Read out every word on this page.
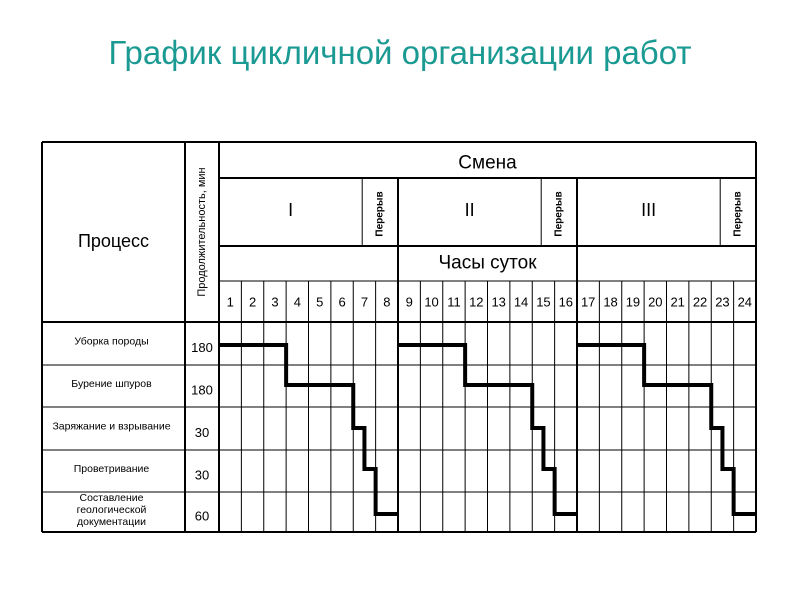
График цикличной организации работ
Процесс	Продолжительность, мин
Смена
Часы суток
I	Перерыв	II	Перерыв	III	Перерыв
1 2 3 4 5 6 7 8 9 10 11 12 13 14 15 16 17 18 19 20 21 22 23 24
Уборка породы	180
Бурение шпуров	180
Заряжание и взрывание 30
Проветривание	30
Составление
геологической
документации	60
